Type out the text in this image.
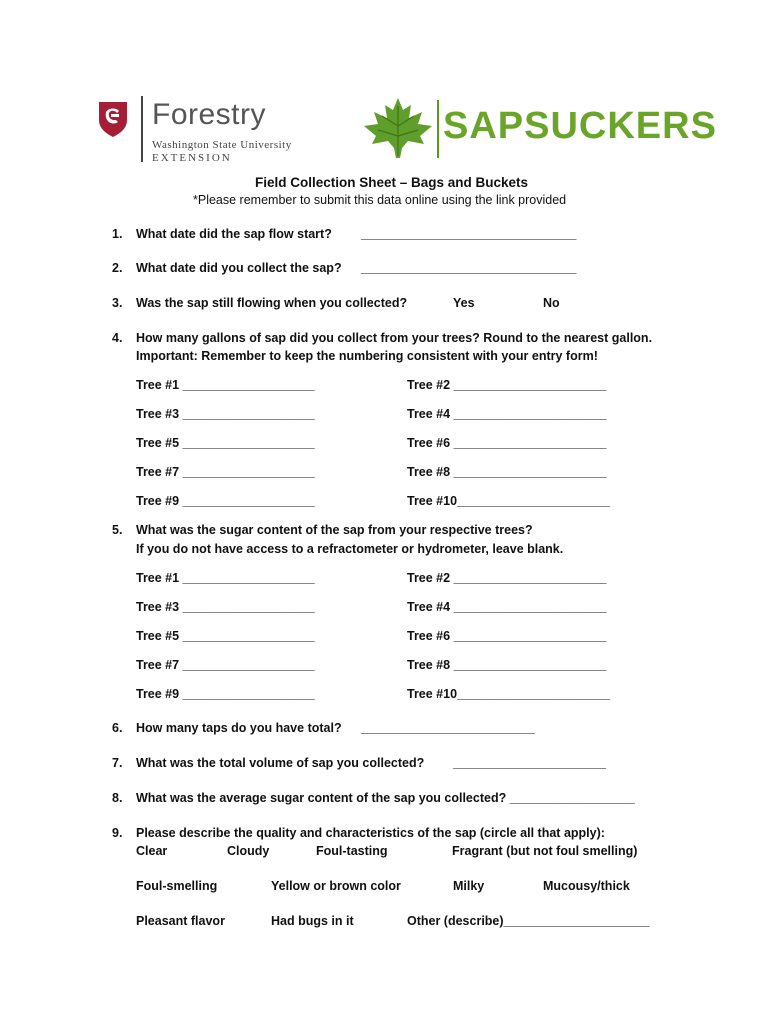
Forestry
Washington State University
EXTENSION
SAPSUCKERS
Field Collection Sheet – Bags and Buckets
*Please remember to submit this data online using the link provided
1. What date did the sap flow start? _______________________________
2. What date did you collect the sap? _______________________________
3. Was the sap still flowing when you collected?	Yes	No
4. How many gallons of sap did you collect from your trees? Round to the nearest gallon.
Important: Remember to keep the numbering consistent with your entry form!
Tree #1 ___________________	Tree #2 ______________________
Tree #3 ___________________	Tree #4 ______________________
Tree #5 ___________________	Tree #6 ______________________
Tree #7 ___________________	Tree #8 ______________________
Tree #9 ___________________	Tree #10______________________
5. What was the sugar content of the sap from your respective trees?
If you do not have access to a refractometer or hydrometer, leave blank.
Tree #1 ___________________	Tree #2 ______________________
Tree #3 ___________________	Tree #4 ______________________
Tree #5 ___________________	Tree #6 ______________________
Tree #7 ___________________	Tree #8 ______________________
Tree #9 ___________________	Tree #10______________________
6. How many taps do you have total? _________________________
7. What was the total volume of sap you collected? ______________________
8. What was the average sugar content of the sap you collected? __________________
9. Please describe the quality and characteristics of the sap (circle all that apply):
Clear	Cloudy	Foul-tasting	Fragrant (but not foul smelling)
Foul-smelling	Yellow or brown color	Milky	Mucousy/thick
Pleasant flavor	Had bugs in it	Other (describe)_____________________
